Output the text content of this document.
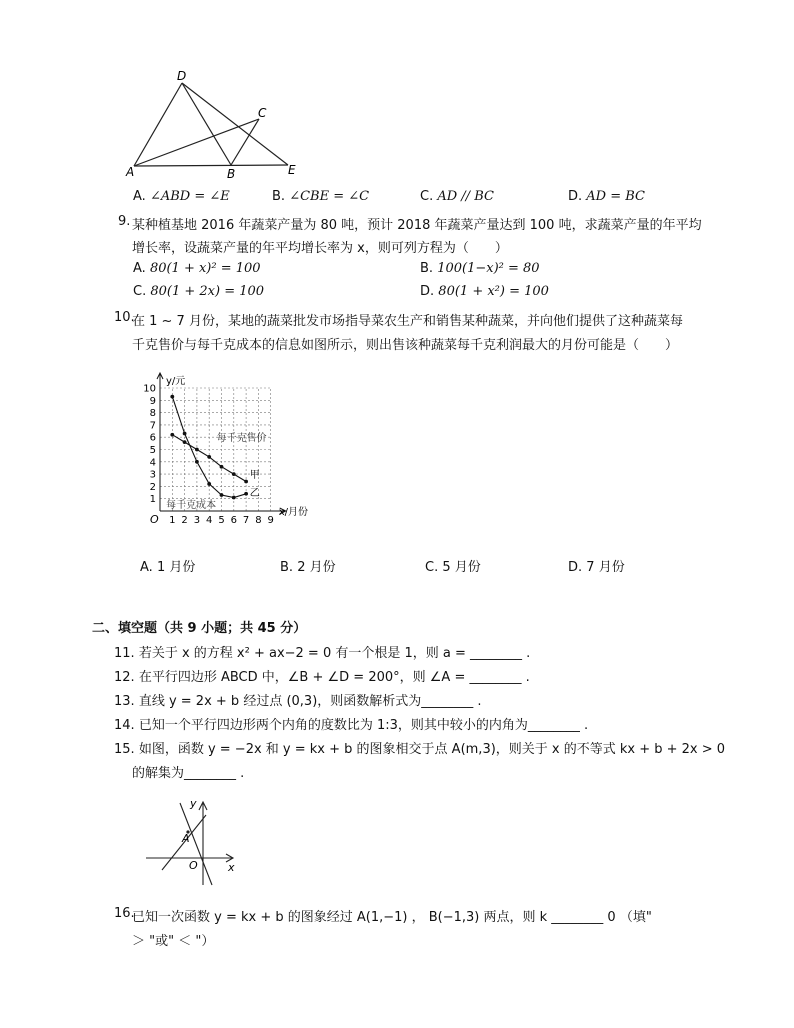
D
C
A	B	E
A. ∠ABD = ∠E	B. ∠CBE = ∠C	C. AD // BC	D. AD = BC
9. 某种植基地 2016 年蔬菜产量为 80 吨，预计 2018 年蔬菜产量达到 100 吨，求蔬菜产量的年平均
增长率，设蔬菜产量的年平均增长率为 x，则可列方程为（　　）
A. 80(1 + x)² = 100	B. 100(1−x)² = 80
C. 80(1 + 2x) = 100	D. 80(1 + x²) = 100
10.
在 1 ~ 7 月份，某地的蔬菜批发市场指导菜农生产和销售某种蔬菜，并向他们提供了这种蔬菜每
千克售价与每千克成本的信息如图所示，则出售该种蔬菜每千克利润最大的月份可能是（　　）
1 2 3 4 5 6 7 8 9
1
2
3
4
5
6
7
8
9
10
O
x/月份
y/元
每千克售价
每千克成本
甲
乙
A. 1 月份	B. 2 月份	C. 5 月份	D. 7 月份
二、填空题（共 9 小题；共 45 分）
11. 若关于 x 的方程 x² + ax−2 = 0 有一个根是 1，则 a = ________ .
12. 在平行四边形 ABCD 中，∠B + ∠D = 200°，则 ∠A = ________ .
13. 直线 y = 2x + b 经过点 (0,3)，则函数解析式为________ .
14. 已知一个平行四边形两个内角的度数比为 1:3，则其中较小的内角为________ .
15. 如图，函数 y = −2x 和 y = kx + b 的图象相交于点 A(m,3)，则关于 x 的不等式 kx + b + 2x > 0
的解集为________ .
y
A
O	x
16.
已知一次函数 y = kx + b 的图象经过 A(1,−1) ， B(−1,3) 两点，则 k ________ 0 （填"
＞ "或" ＜ "）
